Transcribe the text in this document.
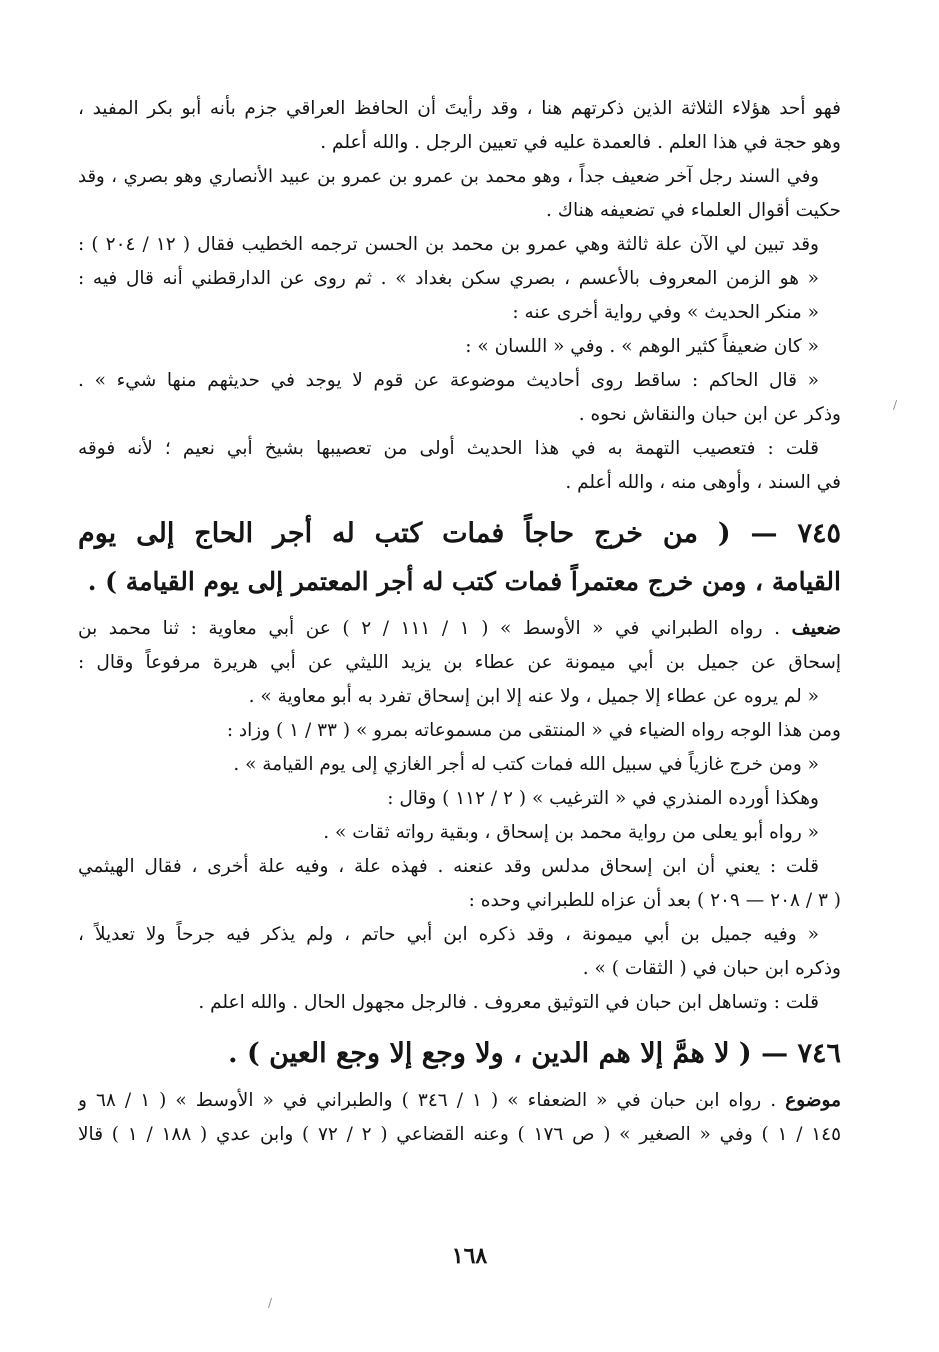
فهو أحد هؤلاء الثلاثة الذين ذكرتهم هنا ، وقد رأيتَ أن الحافظ العراقي جزم بأنه أبو بكر المفيد ،
وهو حجة في هذا العلم . فالعمدة عليه في تعيين الرجل . والله أعلم .
وفي السند رجل آخر ضعيف جداً ، وهو محمد بن عمرو بن عمرو بن عبيد الأنصاري وهو بصري ، وقد
حكيت أقوال العلماء في تضعيفه هناك .
وقد تبين لي الآن علة ثالثة وهي عمرو بن محمد بن الحسن ترجمه الخطيب فقال ( ١٢ / ٢٠٤ ) :
« هو الزمن المعروف بالأعسم ، بصري سكن بغداد » . ثم روى عن الدارقطني أنه قال فيه :
« منكر الحديث » وفي رواية أخرى عنه :
« كان ضعيفاً كثير الوهم » . وفي « اللسان » :
« قال الحاكم : ساقط روى أحاديث موضوعة عن قوم لا يوجد في حديثهم منها شيء » .
وذكر عن ابن حبان والنقاش نحوه .
قلت : فتعصيب التهمة به في هذا الحديث أولى من تعصيبها بشيخ أبي نعيم ؛ لأنه فوقه
في السند ، وأوهى منه ، والله أعلم .
٧٤٥ — ( من خرج حاجاً فمات كتب له أجر الحاج إلى يوم
القيامة ، ومن خرج معتمراً فمات كتب له أجر المعتمر إلى يوم القيامة ) .
ضعيف . رواه الطبراني في « الأوسط » ( ١ / ١١١ / ٢ ) عن أبي معاوية : ثنا محمد بن
إسحاق عن جميل بن أبي ميمونة عن عطاء بن يزيد الليثي عن أبي هريرة مرفوعاً وقال :
« لم يروه عن عطاء إلا جميل ، ولا عنه إلا ابن إسحاق تفرد به أبو معاوية » .
ومن هذا الوجه رواه الضياء في « المنتقى من مسموعاته بمرو » ( ٣٣ / ١ ) وزاد :
« ومن خرج غازياً في سبيل الله فمات كتب له أجر الغازي إلى يوم القيامة » .
وهكذا أورده المنذري في « الترغيب » ( ٢ / ١١٢ ) وقال :
« رواه أبو يعلى من رواية محمد بن إسحاق ، وبقية رواته ثقات » .
قلت : يعني أن ابن إسحاق مدلس وقد عنعنه . فهذه علة ، وفيه علة أخرى ، فقال الهيثمي
( ٣ / ٢٠٨ — ٢٠٩ ) بعد أن عزاه للطبراني وحده :
« وفيه جميل بن أبي ميمونة ، وقد ذكره ابن أبي حاتم ، ولم يذكر فيه جرحاً ولا تعديلاً ،
وذكره ابن حبان في ( الثقات ) » .
قلت : وتساهل ابن حبان في التوثيق معروف . فالرجل مجهول الحال . والله اعلم .
٧٤٦ — ( لا همَّ إلا هم الدين ، ولا وجع إلا وجع العين ) .
موضوع . رواه ابن حبان في « الضعفاء » ( ١ / ٣٤٦ ) والطبراني في « الأوسط » ( ١ / ٦٨ و
١٤٥ / ١ ) وفي « الصغير » ( ص ١٧٦ ) وعنه القضاعي ( ٢ / ٧٢ ) وابن عدي ( ١٨٨ / ١ ) قالا
١٦٨
/
/
